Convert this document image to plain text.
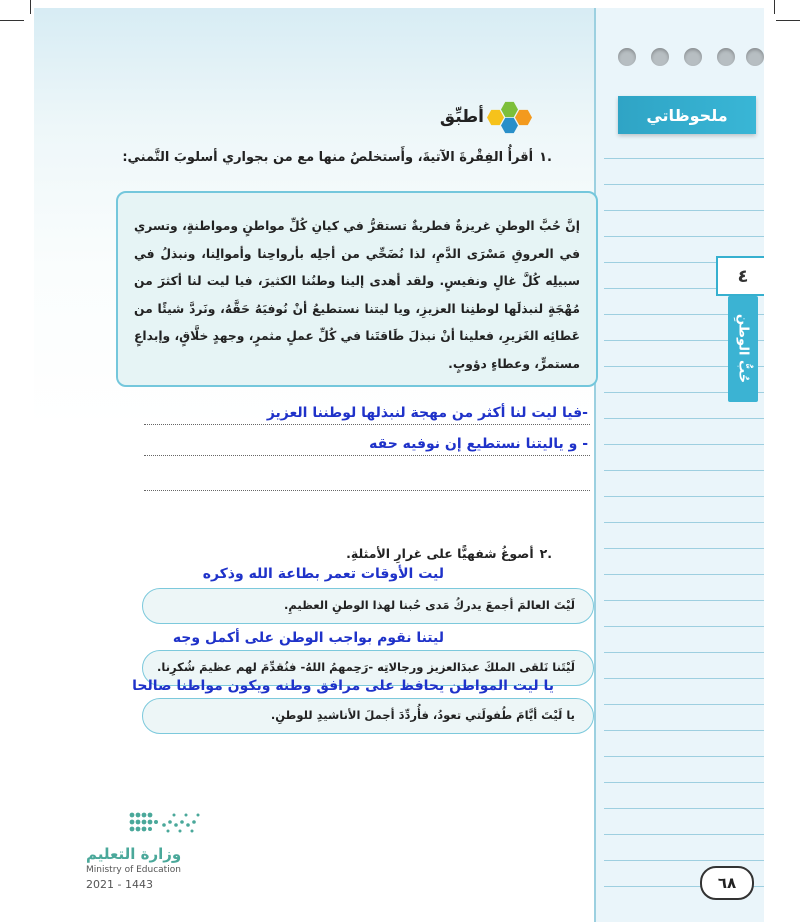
ملحوظاتي
٤
حُبُّ الوطنِ
أطبِّق
.١أقرأُ الفِقْرةَ الآتيةَ، وأَستخلصُ منها مع من بجواري أسلوبَ التَّمني:

إنَّ حُبَّ الوطنِ غريزةٌ فطريةٌ تستقرُّ في كيانِ كُلِّ مواطنٍ ومواطنةٍ، وتسري في العروقِ مَسْرَى الدَّمِ، لذا نُضَحِّي من أجلِه بأرواحِنا وأموالِنا، ونبذلُ في سبيلِه كُلَّ غالٍ ونفيسٍ. ولقد أهدى إلينا وطنُنا الكثيرَ، فيا ليت لنا أكثرَ من مُهْجَةٍ لنبذلَها لوطنِنا العزيزِ، ويا ليتنا نستطيعُ أنْ نُوفيَهُ حَقَّهُ، ونَردَّ شيئًا من عَطائِه الغَزيرِ، فعلينا أنْ نبذلَ طَاقتَنا في كُلِّ عملٍ مثمرٍ، وجهدٍ خلَّاقٍ، وإبداعٍ مستمرٍّ، وعطاءٍ دؤوبٍ.

-فيا ليت لنا أكثر من مهجة لنبذلها لوطننا العزيز
- و ياليتنا نستطيع إن نوفيه حقه
.٢أصوغُ شفهيًّا على غرارِ الأمثلةِ.
ليت الأوقات تعمر بطاعة الله وذكره
لَيْتَ العالمَ أجمعَ يدركُ مَدى حُبنا لهذا الوطنِ العظيمِ.
ليتنا نقوم بواجب الوطن على أكمل وجه
لَيْتَنا نَلقى الملكَ عبدَالعزيز ورجالاتِه -رَحِمهمُ اللهُ- فنُقدِّمَ لهم عظيمَ شُكرِنا.
يا ليت المواطن يحافظ على مرافق وطنه ويكون مواطنا صالحا
يا لَيْتَ أيَّامَ طُفولَتي تعودُ، فأُردِّدَ أجملَ الأناشيدِ للوطنِ.
وزارة التعليم
Ministry of Education
2021 - 1443	٦٨
